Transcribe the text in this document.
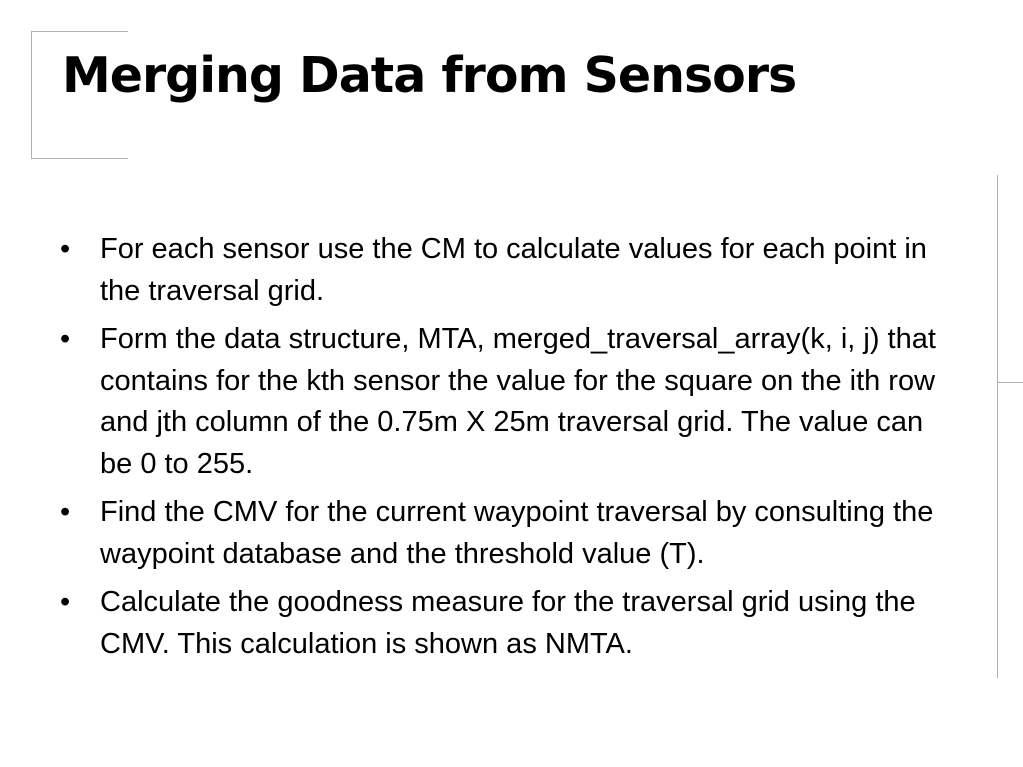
Merging Data from Sensors
• For each sensor use the CM to calculate values for each point in the traversal grid.
• Form the data structure, MTA, merged_traversal_array(k, i, j) that contains for the kth sensor the value for the square on the ith row and jth column of the 0.75m X 25m traversal grid. The value can be 0 to 255.
• Find the CMV for the current waypoint traversal by consulting the waypoint database and the threshold value (T).
• Calculate the goodness measure for the traversal grid using the CMV. This calculation is shown as NMTA.
